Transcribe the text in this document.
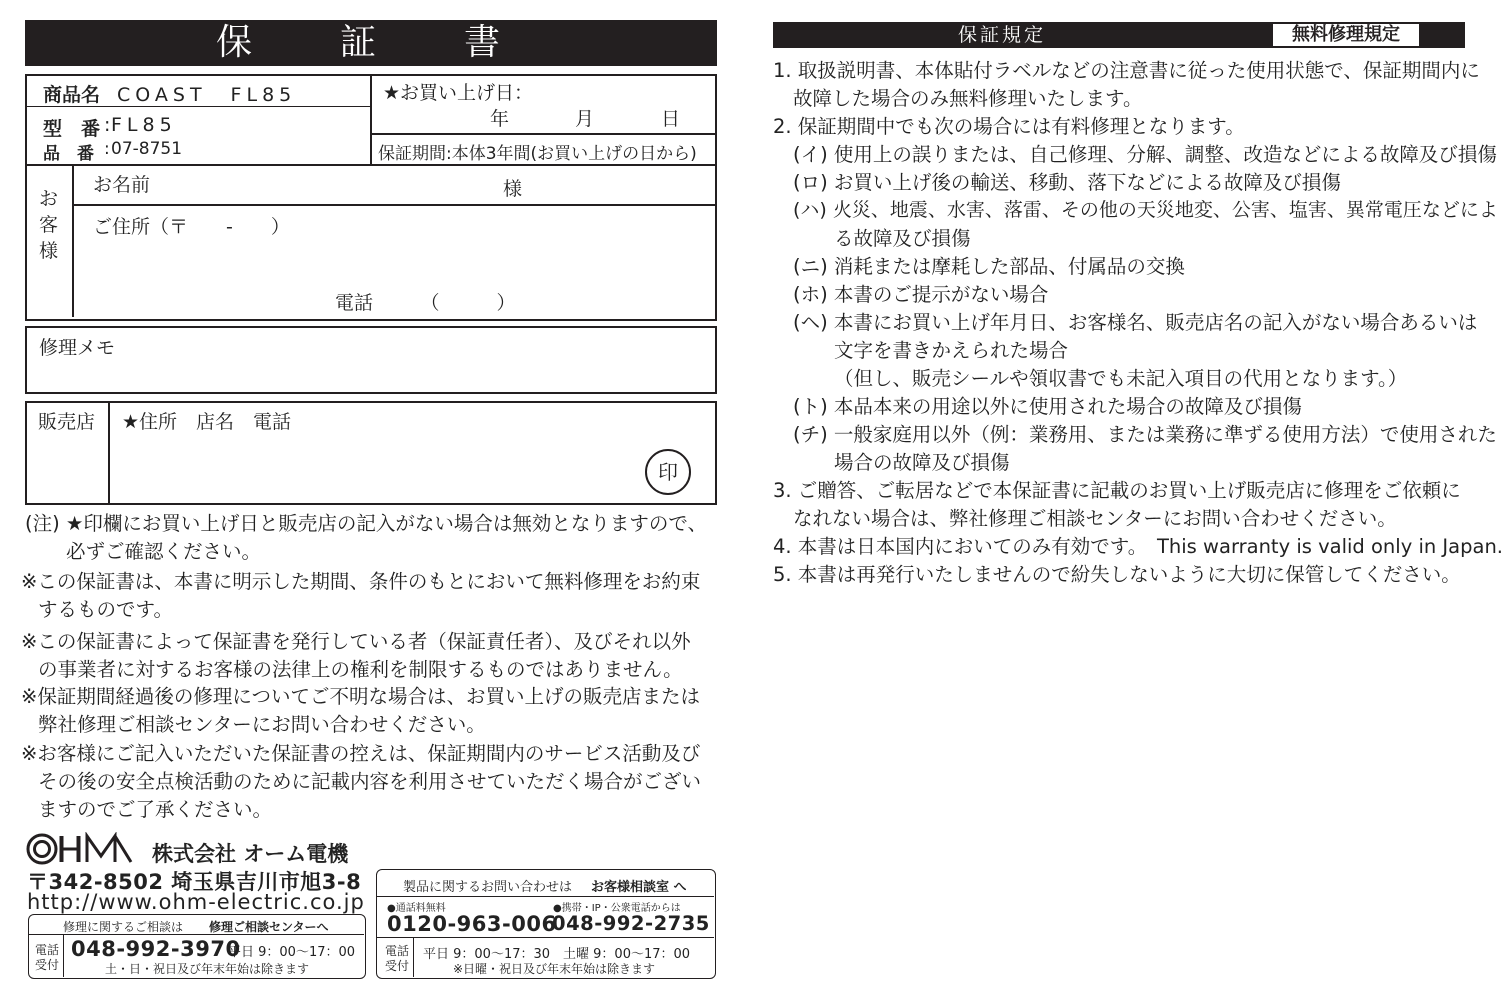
保　証　書
商品名 COAST　FL85
型　番 : FL85
品　番 : 07-8751
★お買い上げ日：
年	月	日
保証期間:本体3年間(お買い上げの日から)
お
客
様
お名前	様
ご住所（〒　　-　　）
電話　　　（　　　）
修理メモ
販売店 ★住所　店名　電話
印
(注) ★印欄にお買い上げ日と販売店の記入がない場合は無効となりますので、
必ずご確認ください。
※この保証書は、本書に明示した期間、条件のもとにおいて無料修理をお約束
するものです。
※この保証書によって保証書を発行している者（保証責任者）、及びそれ以外
の事業者に対するお客様の法律上の権利を制限するものではありません。
※保証期間経過後の修理についてご不明な場合は、お買い上げの販売店または
弊社修理ご相談センターにお問い合わせください。
※お客様にご記入いただいた保証書の控えは、保証期間内のサービス活動及び
その後の安全点検活動のために記載内容を利用させていただく場合がござい
ますのでご了承ください。
株式会社 オーム電機
〒342-8502 埼玉県吉川市旭3-8
http://www.ohm-electric.co.jp
修理に関するご相談は 修理ご相談センターへ
電話
受付
048-992-3970
平日 9：00〜17：00
土・日・祝日及び年末年始は除きます
製品に関するお問い合わせは お客様相談室 へ
●通話料無料	●携帯・IP・公衆電話からは
0120-963-006
048-992-2735
電話
受付
平日 9：00〜17：30　土曜 9：00〜17：00
※日曜・祝日及び年末年始は除きます
保証規定	無料修理規定
1. 取扱説明書、本体貼付ラベルなどの注意書に従った使用状態で、保証期間内に
故障した場合のみ無料修理いたします。
2. 保証期間中でも次の場合には有料修理となります。
(イ) 使用上の誤りまたは、自己修理、分解、調整、改造などによる故障及び損傷
(ロ) お買い上げ後の輸送、移動、落下などによる故障及び損傷
(ハ) 火災、地震、水害、落雷、その他の天災地変、公害、塩害、異常電圧などによ
る故障及び損傷
(ニ) 消耗または摩耗した部品、付属品の交換
(ホ) 本書のご提示がない場合
(ヘ) 本書にお買い上げ年月日、お客様名、販売店名の記入がない場合あるいは
文字を書きかえられた場合
（但し、販売シールや領収書でも未記入項目の代用となります。）
(ト) 本品本来の用途以外に使用された場合の故障及び損傷
(チ) 一般家庭用以外（例：業務用、または業務に準ずる使用方法）で使用された
場合の故障及び損傷
3. ご贈答、ご転居などで本保証書に記載のお買い上げ販売店に修理をご依頼に
なれない場合は、弊社修理ご相談センターにお問い合わせください。
4. 本書は日本国内においてのみ有効です。　This warranty is valid only in Japan.
5. 本書は再発行いたしませんので紛失しないように大切に保管してください。
